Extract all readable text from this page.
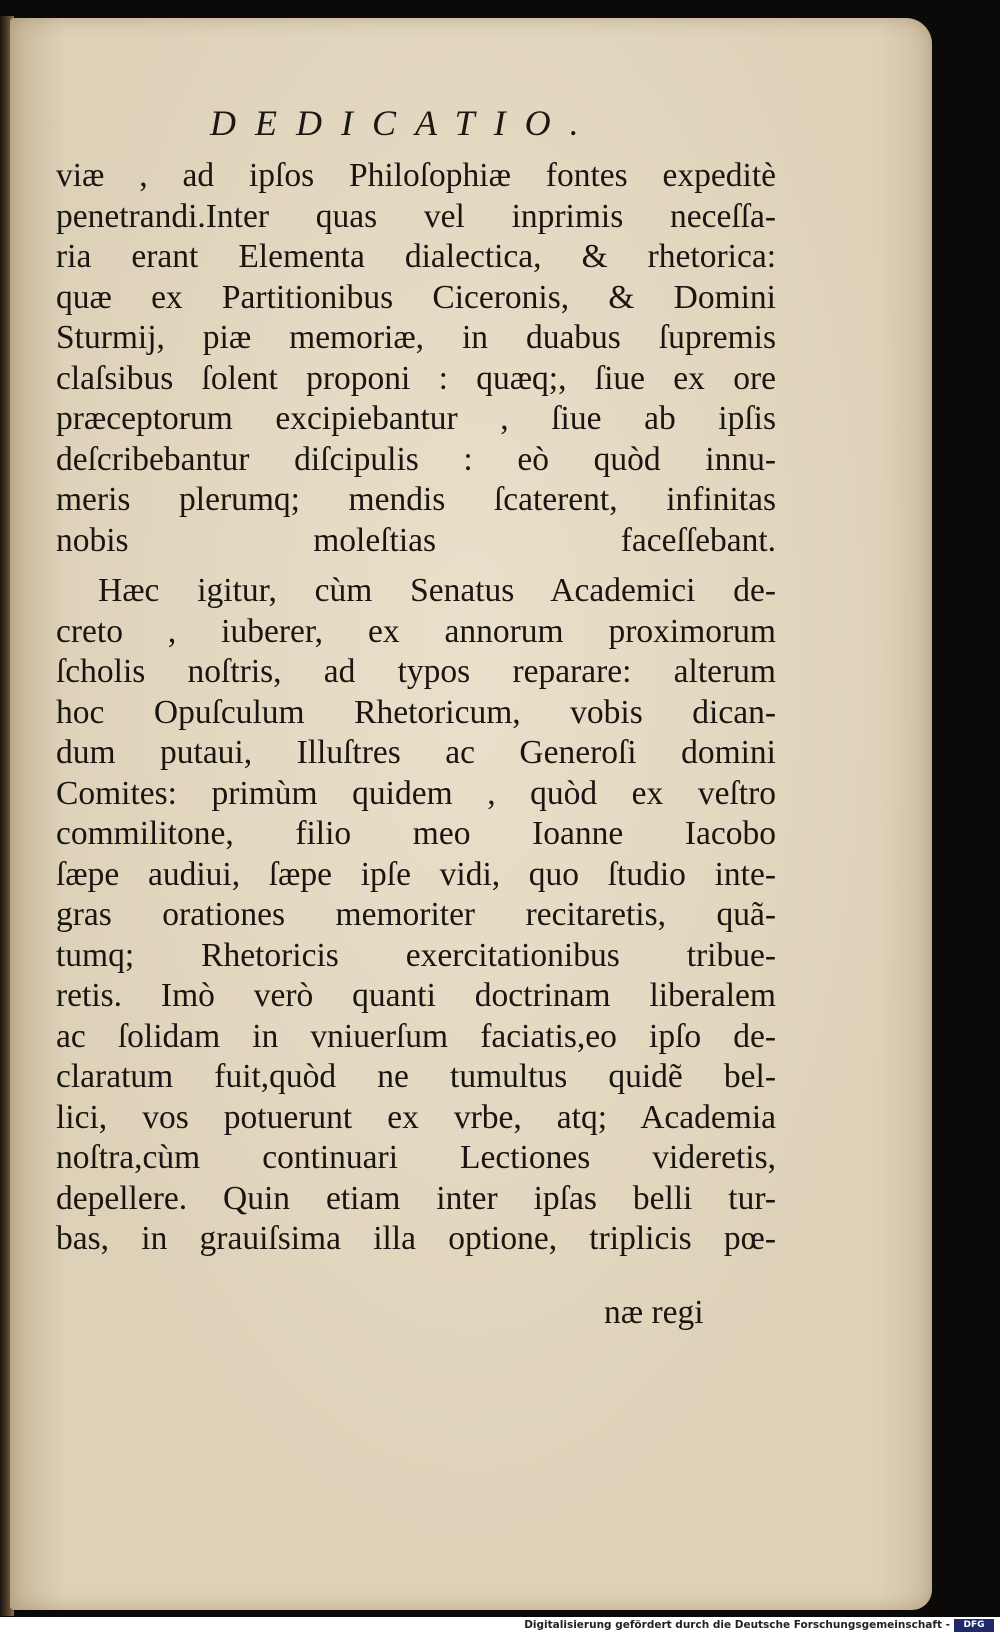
DEDICATIO.
viæ , ad ipſos Philoſophiæ fontes expeditè
penetrandi.Inter quas vel inprimis neceſſa-
ria erant Elementa dialectica, & rhetorica:
quæ ex Partitionibus Ciceronis, & Domini
Sturmij, piæ memoriæ, in duabus ſupremis
claſsibus ſolent proponi : quæq;, ſiue ex ore
præceptorum excipiebantur , ſiue ab ipſis
deſcribebantur diſcipulis : eò quòd innu-
meris plerumq; mendis ſcaterent, infinitas
nobis moleſtias faceſſebant.
Hæc igitur, cùm Senatus Academici de-
creto , iuberer, ex annorum proximorum
ſcholis noſtris, ad typos reparare: alterum
hoc Opuſculum Rhetoricum, vobis dican-
dum putaui, Illuſtres ac Generoſi domini
Comites: primùm quidem , quòd ex veſtro
commilitone, filio meo Ioanne Iacobo
ſæpe audiui, ſæpe ipſe vidi, quo ſtudio inte-
gras orationes memoriter recitaretis, quã-
tumq; Rhetoricis exercitationibus tribue-
retis. Imò verò quanti doctrinam liberalem
ac ſolidam in vniuerſum faciatis,eo ipſo de-
claratum fuit,quòd ne tumultus quidẽ bel-
lici, vos potuerunt ex vrbe, atq; Academia
noſtra,cùm continuari Lectiones videretis,
depellere. Quin etiam inter ipſas belli tur-
bas, in grauiſsima illa optione, triplicis pœ-
næ regi
Digitalisierung gefördert durch die Deutsche Forschungsgemeinschaft -	DFG
